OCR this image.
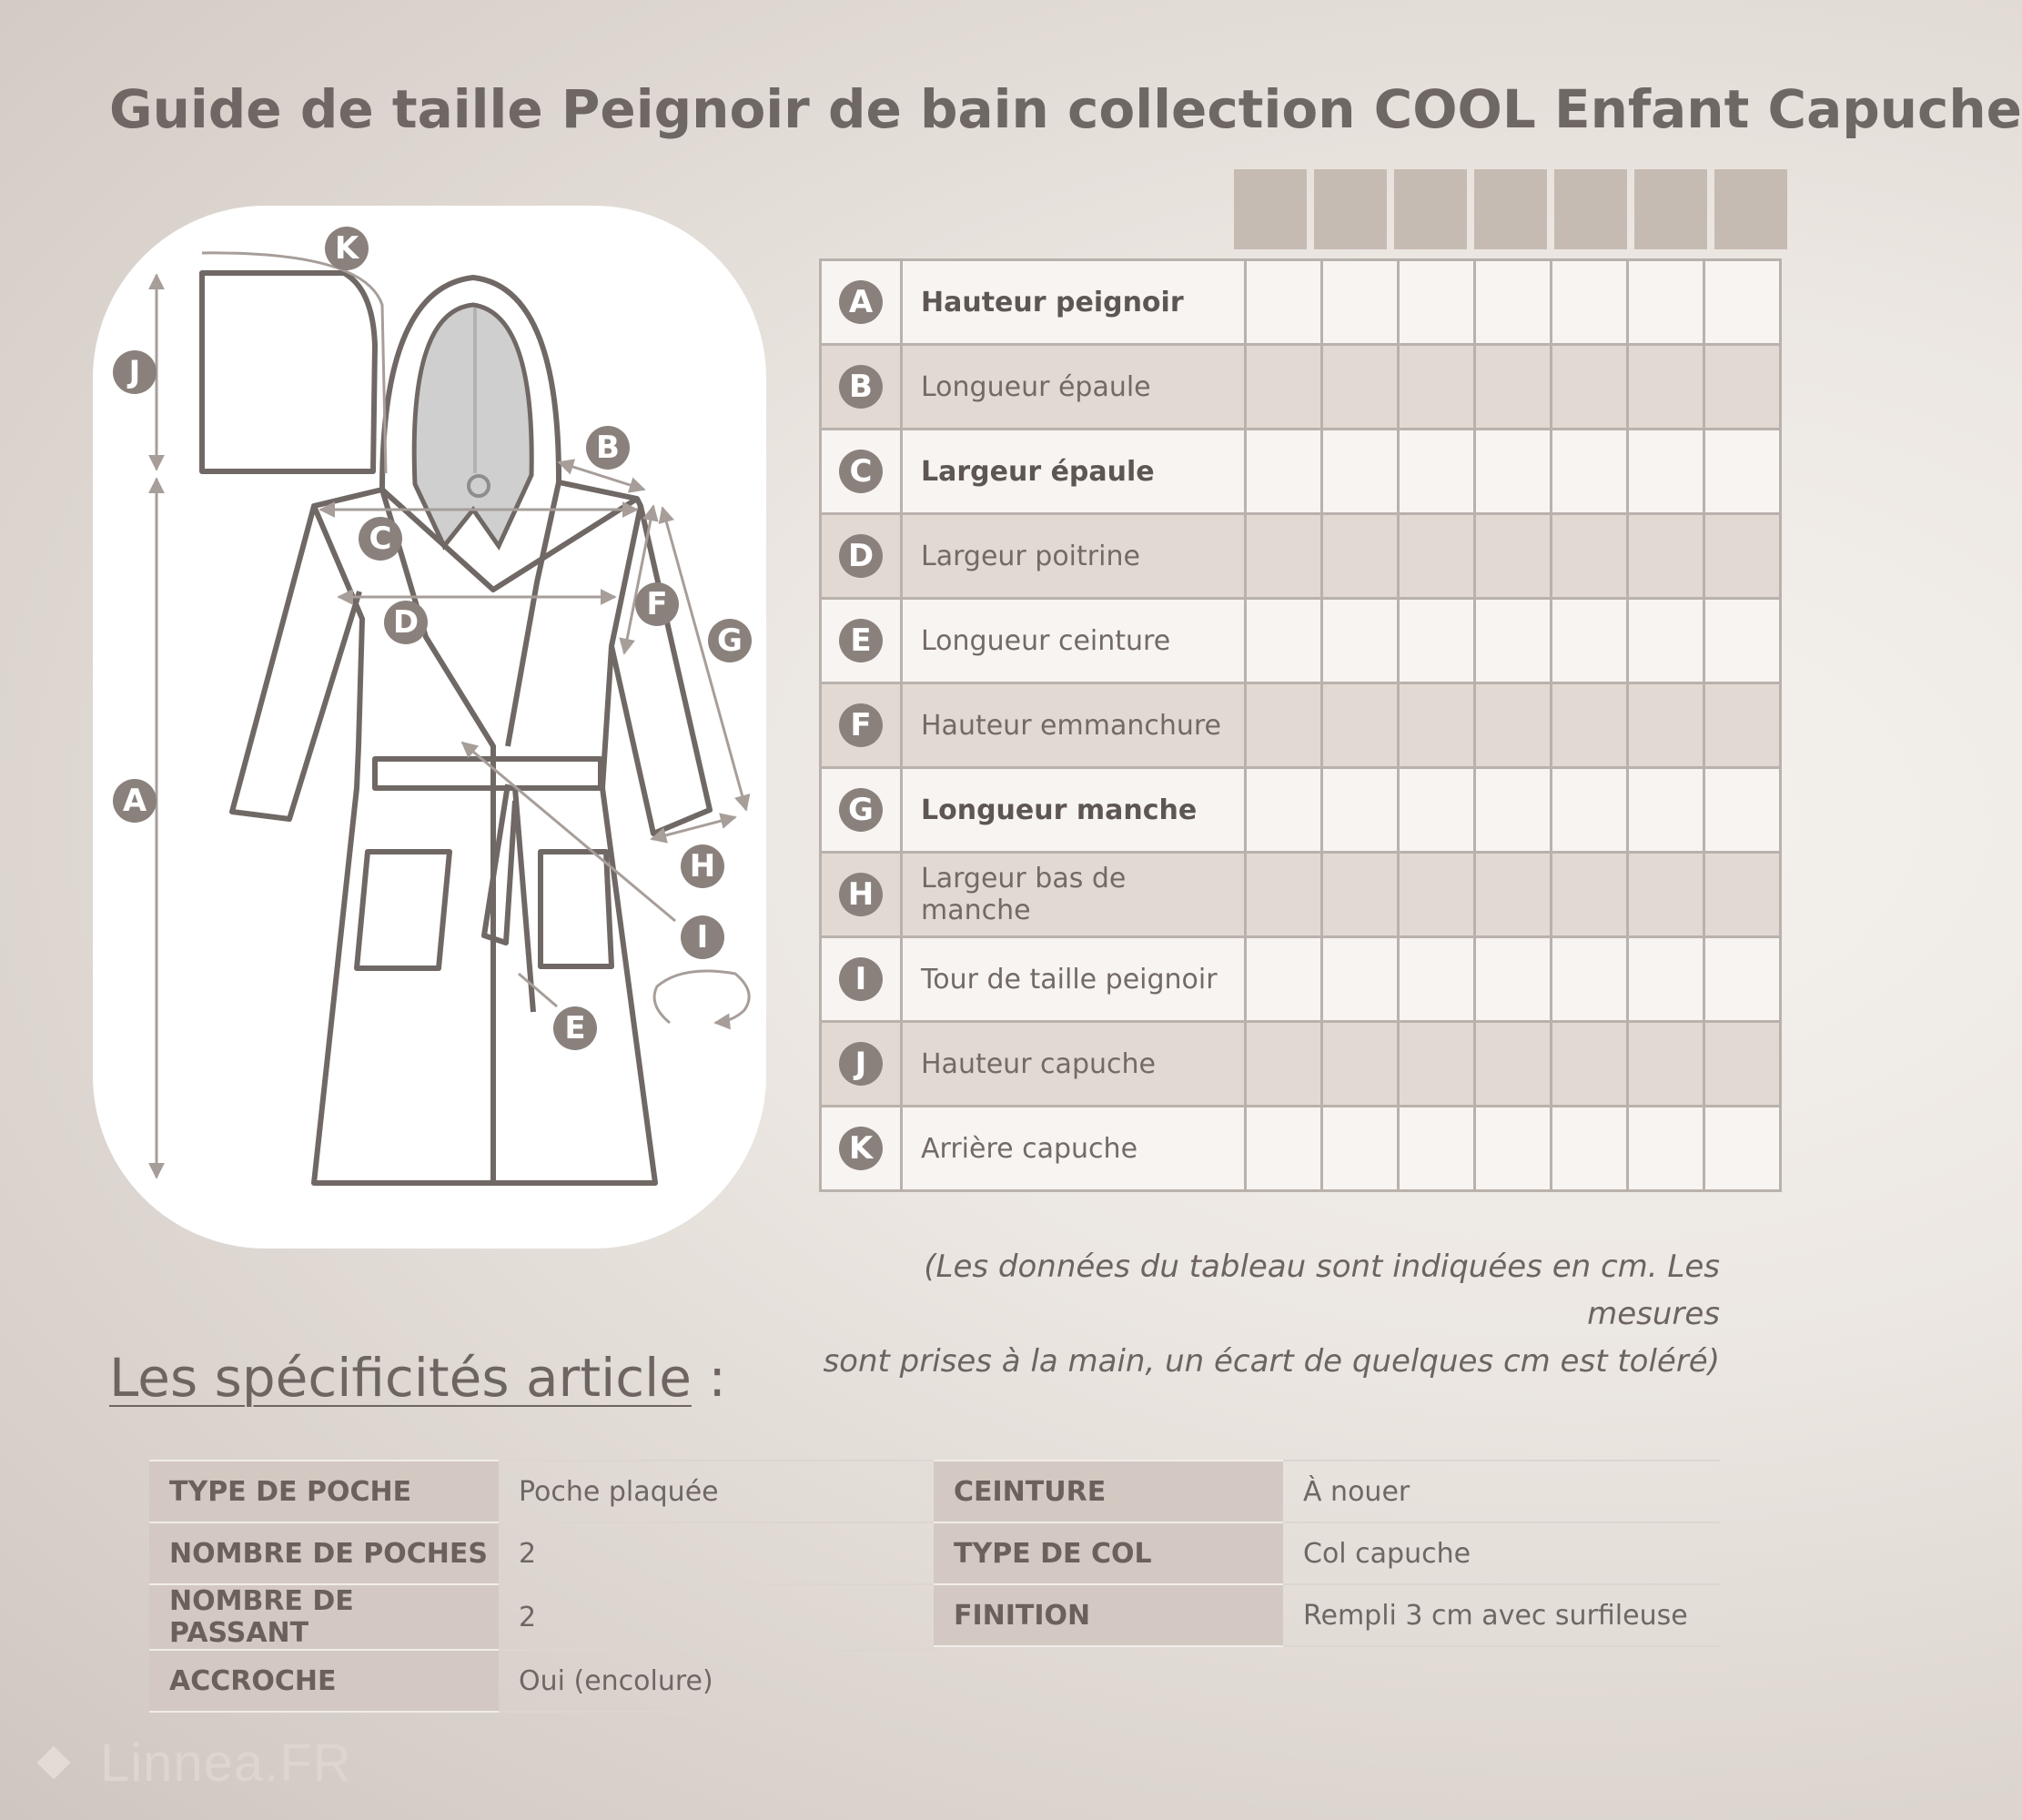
Guide de taille Peignoir de bain collection COOL Enfant Capuche
K
J
A
B
C
D	F
G
H
I
E
A	Hauteur peignoir							
B	Longueur épaule							
C	Largeur épaule							
D	Largeur poitrine							
E	Longueur ceinture							
F	Hauteur emmanchure							
G	Longueur manche							
H	Largeur bas de manche							
I	Tour de taille peignoir							
J	Hauteur capuche							
K	Arrière capuche							
(Les données du tableau sont indiquées en cm. Les mesures
sont prises à la main, un écart de quelques cm est toléré)
Les spécificités article :
TYPE DE POCHE	Poche plaquée
NOMBRE DE POCHES	2
NOMBRE DE PASSANT	2
ACCROCHE	Oui (encolure)
CEINTURE	À nouer
TYPE DE COL	Col capuche
FINITION	Rempli 3 cm avec surfileuse
Linnea.FR
